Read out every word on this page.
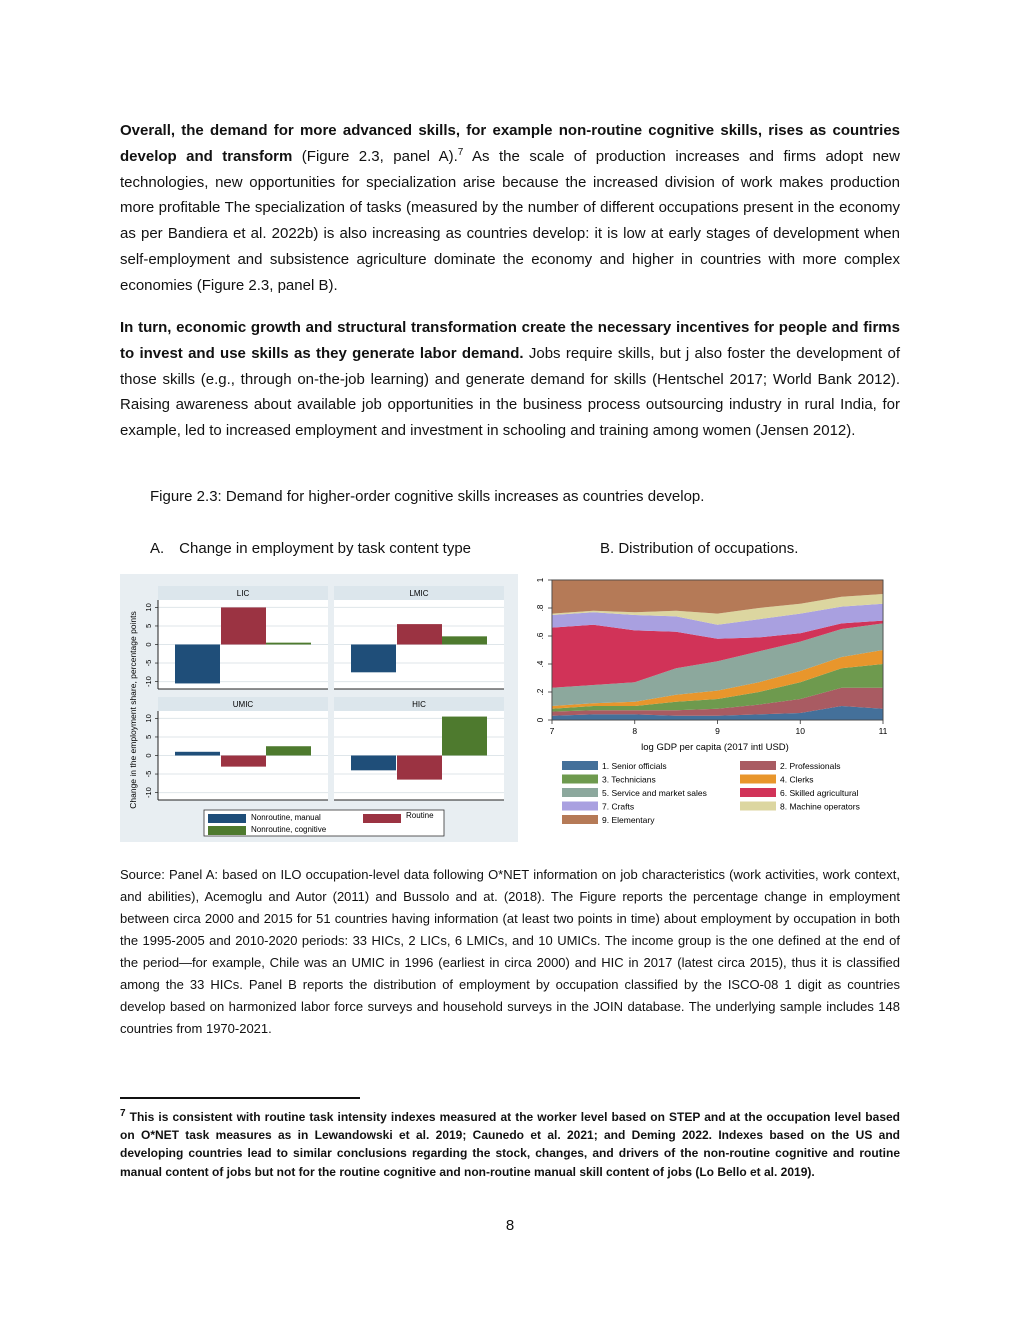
Overall, the demand for more advanced skills, for example non-routine cognitive skills, rises as countries develop and transform (Figure 2.3, panel A).$^7$ As the scale of production increases and firms adopt new technologies, new opportunities for specialization arise because the increased division of work makes production more profitable The specialization of tasks (measured by the number of different occupations present in the economy as per Bandiera et al. 2022b) is also increasing as countries develop: it is low at early stages of development when self-employment and subsistence agriculture dominate the economy and higher in countries with more complex economies (Figure 2.3, panel B).

In turn, economic growth and structural transformation create the necessary incentives for people and firms to invest and use skills as they generate labor demand. Jobs require skills, but j also foster the development of those skills (e.g., through on-the-job learning) and generate demand for skills (Hentschel 2017; World Bank 2012). Raising awareness about available job opportunities in the business process outsourcing industry in rural India, for example, led to increased employment and investment in schooling and training among women (Jensen 2012).

Figure 2.3: Demand for higher-order cognitive skills increases as countries develop.

A. Change in employment by task content type	B. Distribution of occupations.

Change in the employment share, percentage points
LIC
10
5
0
-5
-10
LMIC
UMIC
10
5
0
-5
-10
HIC
Nonroutine, manual	Routine
Nonroutine, cognitive
7	8	9	10	11
0
.2
.4
.6
.8
1
log GDP per capita (2017 intl USD)
1. Senior officials	2. Professionals
3. Technicians	4. Clerks
5. Service and market sales	6. Skilled agricultural
7. Crafts	8. Machine operators
9. Elementary

Source: Panel A: based on ILO occupation-level data following O*NET information on job characteristics (work activities, work context, and abilities), Acemoglu and Autor (2011) and Bussolo and at. (2018). The Figure reports the percentage change in employment between circa 2000 and 2015 for 51 countries having information (at least two points in time) about employment by occupation in both the 1995-2005 and 2010-2020 periods: 33 HICs, 2 LICs, 6 LMICs, and 10 UMICs. The income group is the one defined at the end of the period—for example, Chile was an UMIC in 1996 (earliest in circa 2000) and HIC in 2017 (latest circa 2015), thus it is classified among the 33 HICs. Panel B reports the distribution of employment by occupation classified by the ISCO-08 1 digit as countries develop based on harmonized labor force surveys and household surveys in the JOIN database. The underlying sample includes 148 countries from 1970-2021.

$^7$ This is consistent with routine task intensity indexes measured at the worker level based on STEP and at the occupation level based on O*NET task measures as in Lewandowski et al. 2019; Caunedo et al. 2021; and Deming 2022. Indexes based on the US and developing countries lead to similar conclusions regarding the stock, changes, and drivers of the non-routine cognitive and routine manual content of jobs but not for the routine cognitive and non-routine manual skill content of jobs (Lo Bello et al. 2019).

8
